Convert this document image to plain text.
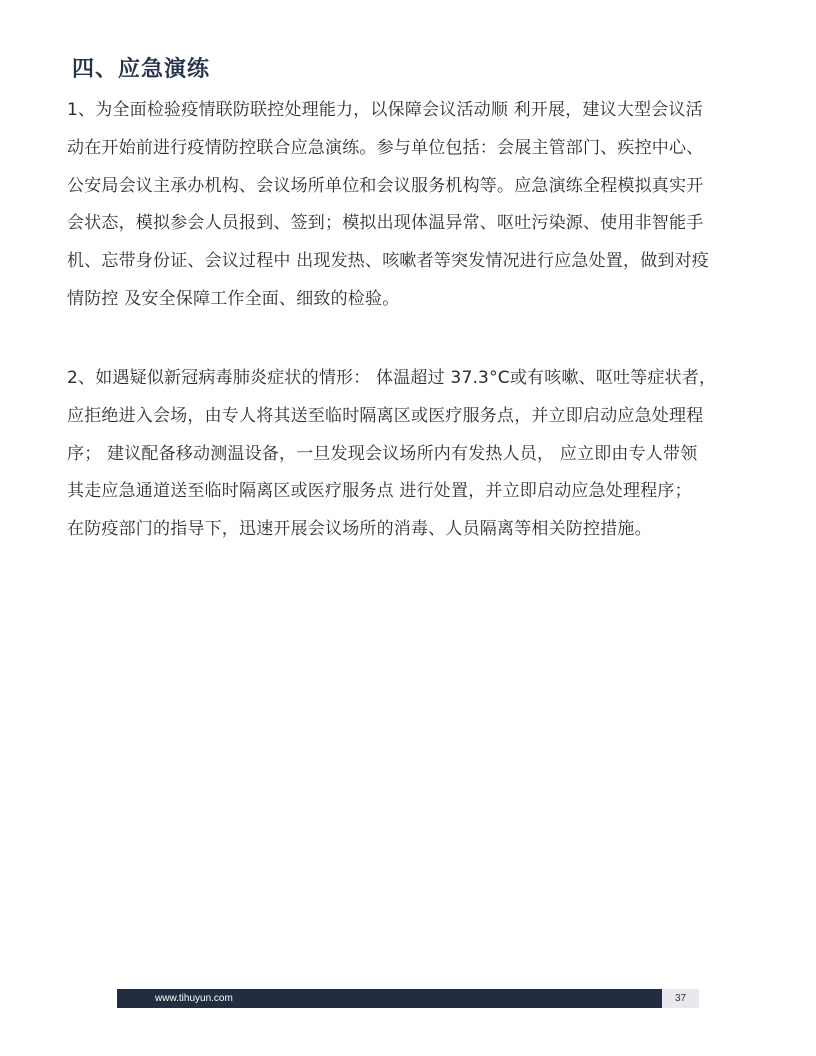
四、应急演练

1、为全面检验疫情联防联控处理能力，以保障会议活动顺 利开展，建议大型会议活
动在开始前进行疫情防控联合应急演练。参与单位包括：会展主管部门、疾控中心、
公安局会议主承办机构、会议场所单位和会议服务机构等。应急演练全程模拟真实开
会状态，模拟参会人员报到、签到；模拟出现体温异常、呕吐污染源、使用非智能手
机、忘带身份证、会议过程中 出现发热、咳嗽者等突发情况进行应急处置，做到对疫
情防控 及安全保障工作全面、细致的检验。

2、如遇疑似新冠病毒肺炎症状的情形： 体温超过 37.3°C或有咳嗽、呕吐等症状者，
应拒绝进入会场，由专人将其送至临时隔离区或医疗服务点，并立即启动应急处理程
序； 建议配备移动测温设备，一旦发现会议场所内有发热人员， 应立即由专人带领
其走应急通道送至临时隔离区或医疗服务点 进行处置，并立即启动应急处理程序；
在防疫部门的指导下，迅速开展会议场所的消毒、人员隔离等相关防控措施。

www.tihuyun.com	37
